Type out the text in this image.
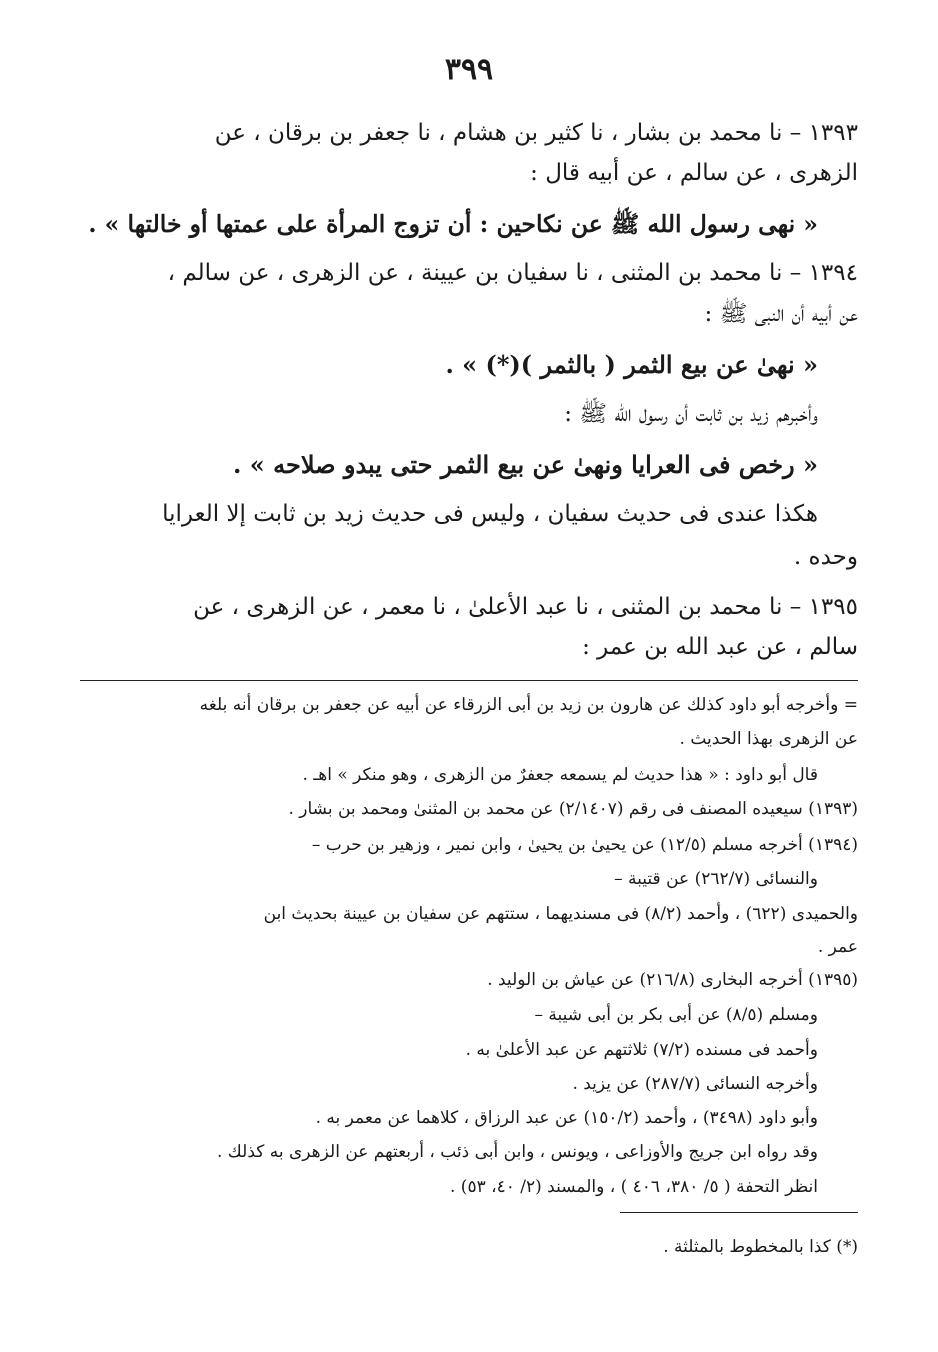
٣٩٩
١٣٩٣ – نا محمد بن بشار ، نا كثير بن هشام ، نا جعفر بن برقان ، عن
الزهرى ، عن سالم ، عن أبيه قال :
« نهى رسول الله ﷺ عن نكاحين : أن تزوج المرأة على عمتها أو خالتها » .
١٣٩٤ – نا محمد بن المثنى ، نا سفيان بن عيينة ، عن الزهرى ، عن سالم ،
عن أبيه أن النبى ﷺ :
« نهىٰ عن بيع الثمر ( بالثمر )(*) » .
وأخبرهم زيد بن ثابت أن رسول الله ﷺ :
« رخص فى العرايا ونهىٰ عن بيع الثمر حتى يبدو صلاحه » .
هكذا عندى فى حديث سفيان ، وليس فى حديث زيد بن ثابت إلا العرايا
وحده .
١٣٩٥ – نا محمد بن المثنى ، نا عبد الأعلىٰ ، نا معمر ، عن الزهرى ، عن
سالم ، عن عبد الله بن عمر :
= وأخرجه أبو داود كذلك عن هارون بن زيد بن أبى الزرقاء عن أبيه عن جعفر بن برقان أنه بلغه
عن الزهرى بهذا الحديث .
قال أبو داود : « هذا حديث لم يسمعه جعفرٌ من الزهرى ، وهو منكر » اهـ .
(١٣٩٣) سيعيده المصنف فى رقم (٢/١٤٠٧) عن محمد بن المثنىٰ ومحمد بن بشار .
(١٣٩٤) أخرجه مسلم (١٢/٥) عن يحيىٰ بن يحيىٰ ، وابن نمير ، وزهير بن حرب –
والنسائى (٢٦٢/٧) عن قتيبة –
والحميدى (٦٢٢) ، وأحمد (٨/٢) فى مسنديهما ، ستتهم عن سفيان بن عيينة بحديث ابن
عمر .
(١٣٩٥) أخرجه البخارى (٢١٦/٨) عن عياش بن الوليد .
ومسلم (٨/٥) عن أبى بكر بن أبى شيبة –
وأحمد فى مسنده (٧/٢) ثلاثتهم عن عبد الأعلىٰ به .
وأخرجه النسائى (٢٨٧/٧) عن يزيد .
وأبو داود (٣٤٩٨) ، وأحمد (١٥٠/٢) عن عبد الرزاق ، كلاهما عن معمر به .
وقد رواه ابن جريج والأوزاعى ، ويونس ، وابن أبى ذئب ، أربعتهم عن الزهرى به كذلك .
انظر التحفة ( ٥/ ٣٨٠، ٤٠٦ ) ، والمسند (٢/ ٤٠، ٥٣) .
(*) كذا بالمخطوط بالمثلثة .
